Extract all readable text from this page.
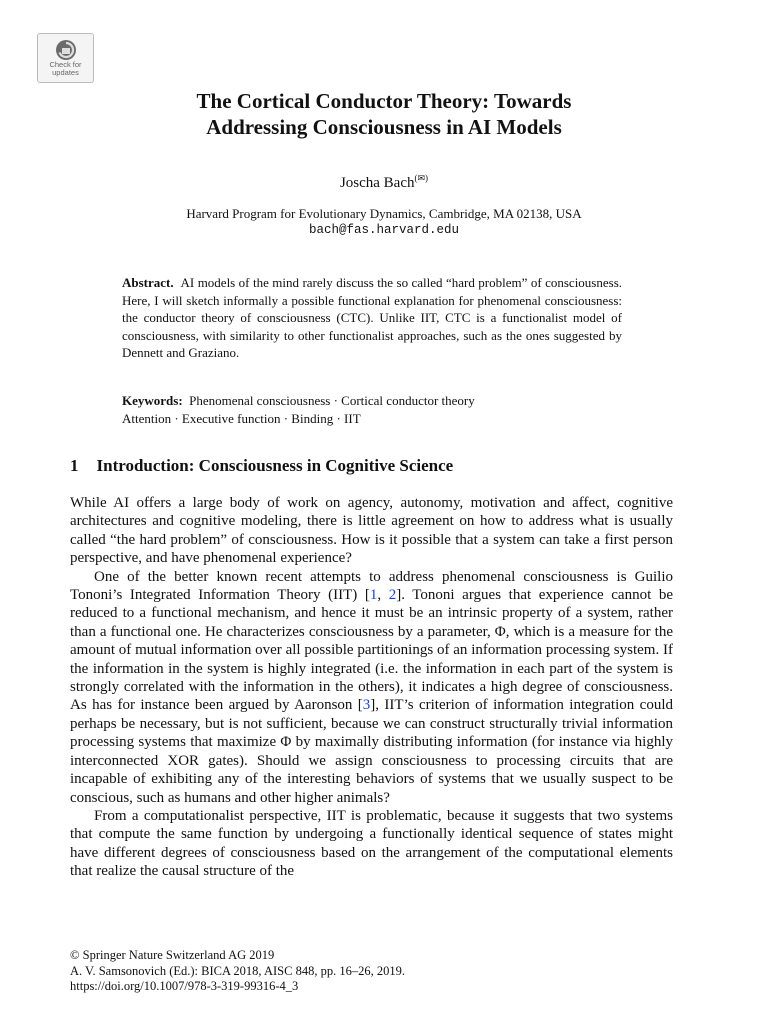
Check for
updates
The Cortical Conductor Theory: Towards
Addressing Consciousness in AI Models
Joscha Bach(✉)
Harvard Program for Evolutionary Dynamics, Cambridge, MA 02138, USA
bach@fas.harvard.edu

Abstract. AI models of the mind rarely discuss the so called “hard problem” of consciousness. Here, I will sketch informally a possible functional explanation for phenomenal consciousness: the conductor theory of consciousness (CTC). Unlike IIT, CTC is a functionalist model of consciousness, with similarity to other functionalist approaches, such as the ones suggested by Dennett and Graziano.

Keywords: Phenomenal consciousness · Cortical conductor theory
Attention · Executive function · Binding · IIT

1 Introduction: Consciousness in Cognitive Science

While AI offers a large body of work on agency, autonomy, motivation and affect, cognitive architectures and cognitive modeling, there is little agreement on how to address what is usually called “the hard problem” of consciousness. How is it possible that a system can take a first person perspective, and have phenomenal experience?

One of the better known recent attempts to address phenomenal consciousness is Guilio Tononi’s Integrated Information Theory (IIT) [1, 2]. Tononi argues that experience cannot be reduced to a functional mechanism, and hence it must be an intrinsic property of a system, rather than a functional one. He characterizes consciousness by a parameter, Φ, which is a measure for the amount of mutual information over all possible partitionings of an information processing system. If the information in the system is highly integrated (i.e. the information in each part of the system is strongly correlated with the information in the others), it indicates a high degree of consciousness. As has for instance been argued by Aaronson [3], IIT’s criterion of information integration could perhaps be necessary, but is not sufficient, because we can construct structurally trivial information processing systems that maximize Φ by maximally distributing information (for instance via highly interconnected XOR gates). Should we assign consciousness to processing circuits that are incapable of exhibiting any of the interesting behaviors of systems that we usually suspect to be conscious, such as humans and other higher animals?

From a computationalist perspective, IIT is problematic, because it suggests that two systems that compute the same function by undergoing a functionally identical sequence of states might have different degrees of consciousness based on the arrangement of the computational elements that realize the causal structure of the

© Springer Nature Switzerland AG 2019
A. V. Samsonovich (Ed.): BICA 2018, AISC 848, pp. 16–26, 2019.
https://doi.org/10.1007/978-3-319-99316-4_3
